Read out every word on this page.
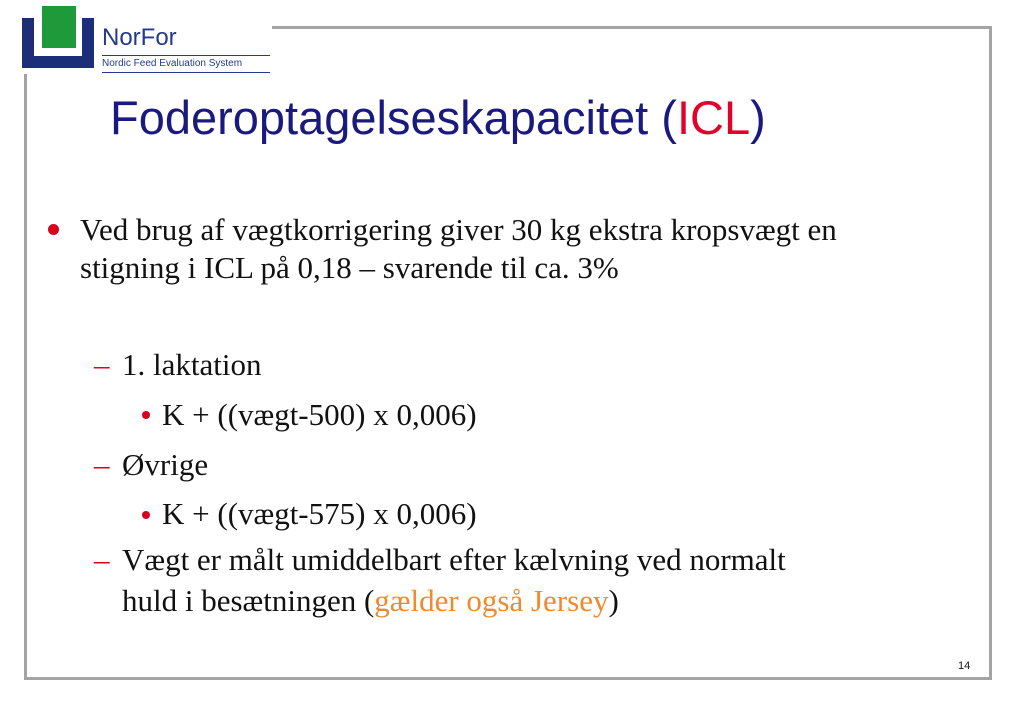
NorFor
Nordic Feed Evaluation System
Foderoptagelseskapacitet (ICL)
Ved brug af vægtkorrigering giver 30 kg ekstra kropsvægt en
stigning i ICL på 0,18 – svarende til ca. 3%
– 1. laktation
K + ((vægt-500) x 0,006)
– Øvrige
K + ((vægt-575) x 0,006)
– Vægt er målt umiddelbart efter kælvning ved normalt
huld i besætningen (gælder også Jersey)
14
